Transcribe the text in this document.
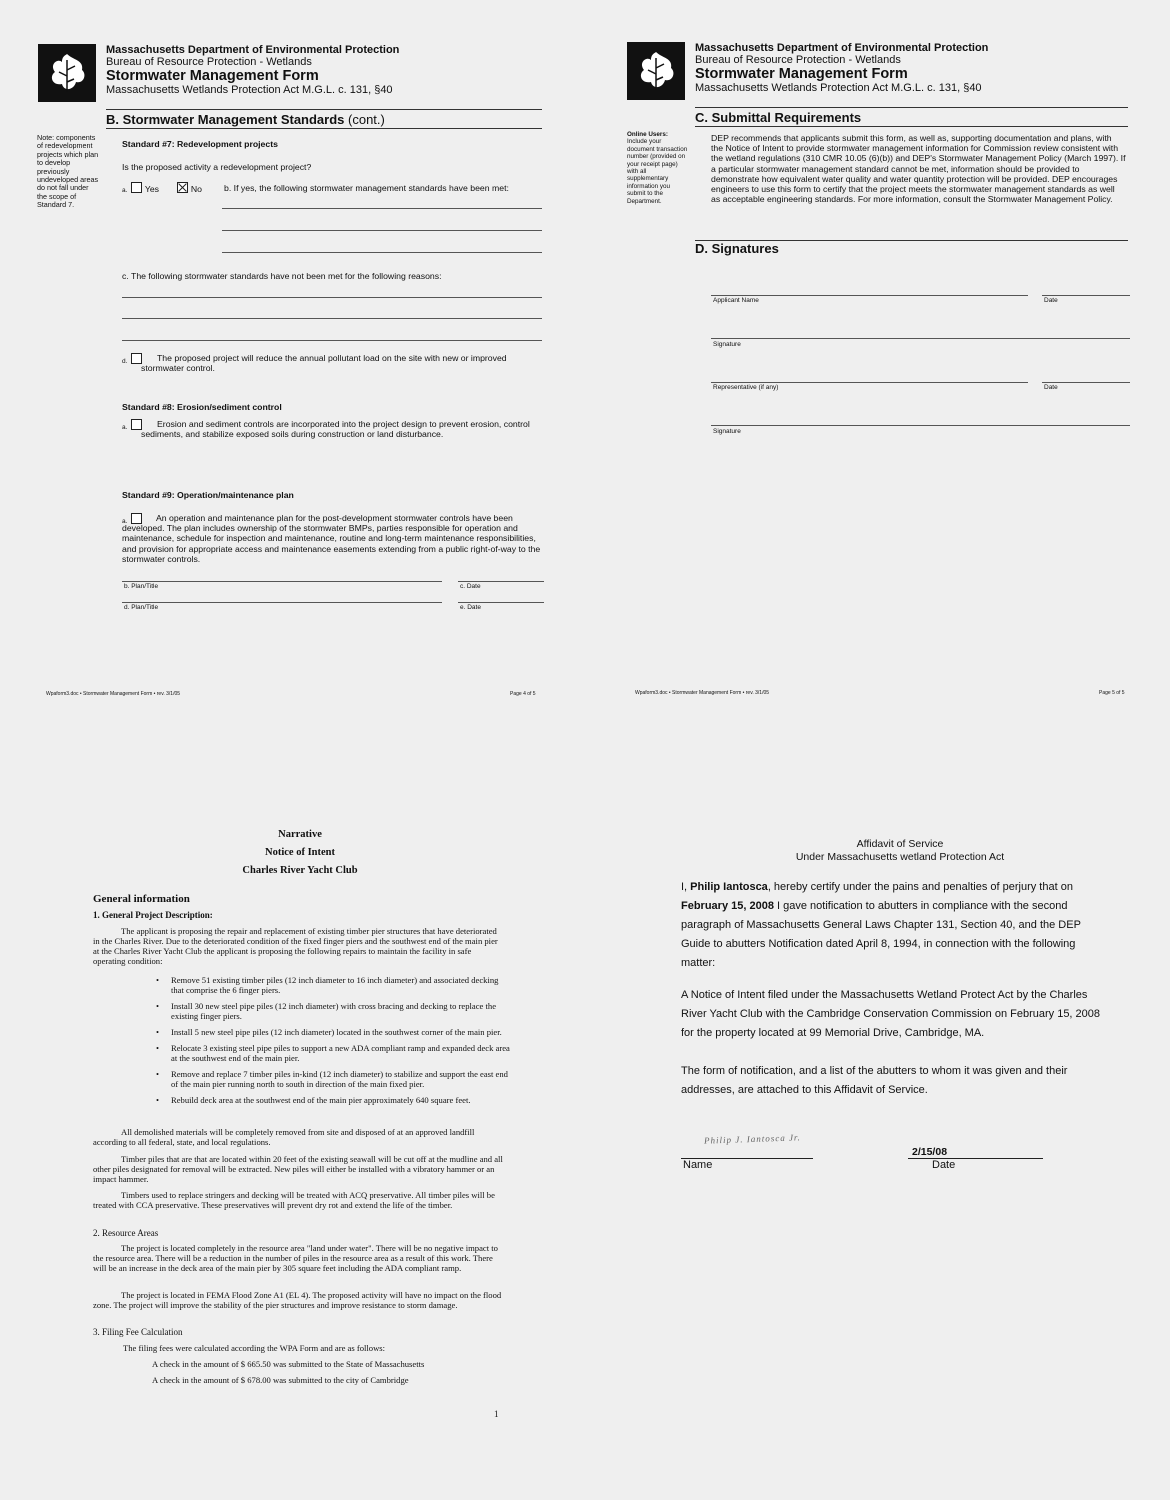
Massachusetts Department of Environmental Protection
Bureau of Resource Protection - Wetlands
Stormwater Management Form
Massachusetts Wetlands Protection Act M.G.L. c. 131, §40
B. Stormwater Management Standards (cont.)
Note: components of redevelopment projects which plan to develop previously undeveloped areas do not fall under the scope of Standard 7.
Standard #7: Redevelopment projects
Is the proposed activity a redevelopment project?
a. Yes	No	b. If yes, the following stormwater management standards have been met:
c. The following stormwater standards have not been met for the following reasons:
d.	The proposed project will reduce the annual pollutant load on the site with new or improved stormwater control.
Standard #8: Erosion/sediment control
a.	Erosion and sediment controls are incorporated into the project design to prevent erosion, control sediments, and stabilize exposed soils during construction or land disturbance.
Standard #9: Operation/maintenance plan
a.	An operation and maintenance plan for the post-development stormwater controls have been developed. The plan includes ownership of the stormwater BMPs, parties responsible for operation and maintenance, schedule for inspection and maintenance, routine and long-term maintenance responsibilities, and provision for appropriate access and maintenance easements extending from a public right-of-way to the stormwater controls.
b. Plan/Title	c. Date
d. Plan/Title	e. Date
Wpaform3.doc • Stormwater Management Form • rev. 3/1/05	Page 4 of 5
Massachusetts Department of Environmental Protection
Bureau of Resource Protection - Wetlands
Stormwater Management Form
Massachusetts Wetlands Protection Act M.G.L. c. 131, §40
C. Submittal Requirements
Online Users:
Include your document transaction number (provided on your receipt page) with all supplementary information you submit to the Department.
DEP recommends that applicants submit this form, as well as, supporting documentation and plans, with the Notice of Intent to provide stormwater management information for Commission review consistent with the wetland regulations (310 CMR 10.05 (6)(b)) and DEP's Stormwater Management Policy (March 1997). If a particular stormwater management standard cannot be met, information should be provided to demonstrate how equivalent water quality and water quantity protection will be provided. DEP encourages engineers to use this form to certify that the project meets the stormwater management standards as well as acceptable engineering standards. For more information, consult the Stormwater Management Policy.
D. Signatures
Applicant Name	Date
Signature
Representative (if any)	Date
Signature
Wpaform3.doc • Stormwater Management Form • rev. 3/1/05	Page 5 of 5
Narrative
Notice of Intent
Charles River Yacht Club
General information
1. General Project Description:
The applicant is proposing the repair and replacement of existing timber pier structures that have deteriorated in the Charles River. Due to the deteriorated condition of the fixed finger piers and the southwest end of the main pier at the Charles River Yacht Club the applicant is proposing the following repairs to maintain the facility in safe operating condition:
•	Remove 51 existing timber piles (12 inch diameter to 16 inch diameter) and associated decking that comprise the 6 finger piers.
•	Install 30 new steel pipe piles (12 inch diameter) with cross bracing and decking to replace the existing finger piers.
•	Install 5 new steel pipe piles (12 inch diameter) located in the southwest corner of the main pier.
•	Relocate 3 existing steel pipe piles to support a new ADA compliant ramp and expanded deck area at the southwest end of the main pier.
•	Remove and replace 7 timber piles in-kind (12 inch diameter) to stabilize and support the east end of the main pier running north to south in direction of the main fixed pier.
•	Rebuild deck area at the southwest end of the main pier approximately 640 square feet.
All demolished materials will be completely removed from site and disposed of at an approved landfill according to all federal, state, and local regulations.
Timber piles that are that are located within 20 feet of the existing seawall will be cut off at the mudline and all other piles designated for removal will be extracted. New piles will either be installed with a vibratory hammer or an impact hammer.
Timbers used to replace stringers and decking will be treated with ACQ preservative. All timber piles will be treated with CCA preservative. These preservatives will prevent dry rot and extend the life of the timber.
2. Resource Areas
The project is located completely in the resource area "land under water". There will be no negative impact to the resource area. There will be a reduction in the number of piles in the resource area as a result of this work. There will be an increase in the deck area of the main pier by 305 square feet including the ADA compliant ramp.
The project is located in FEMA Flood Zone A1 (EL 4). The proposed activity will have no impact on the flood zone. The project will improve the stability of the pier structures and improve resistance to storm damage.
3. Filing Fee Calculation
The filing fees were calculated according the WPA Form and are as follows:
A check in the amount of $ 665.50 was submitted to the State of Massachusetts
A check in the amount of $ 678.00 was submitted to the city of Cambridge
1
Affidavit of Service
Under Massachusetts wetland Protection Act
I, Philip Iantosca, hereby certify under the pains and penalties of perjury that on February 15, 2008 I gave notification to abutters in compliance with the second paragraph of Massachusetts General Laws Chapter 131, Section 40, and the DEP Guide to abutters Notification dated April 8, 1994, in connection with the following matter:
A Notice of Intent filed under the Massachusetts Wetland Protect Act by the Charles River Yacht Club with the Cambridge Conservation Commission on February 15, 2008 for the property located at 99 Memorial Drive, Cambridge, MA.
The form of notification, and a list of the abutters to whom it was given and their addresses, are attached to this Affidavit of Service.
Philip J. Iantosca Jr.
Name
2/15/08
Date
